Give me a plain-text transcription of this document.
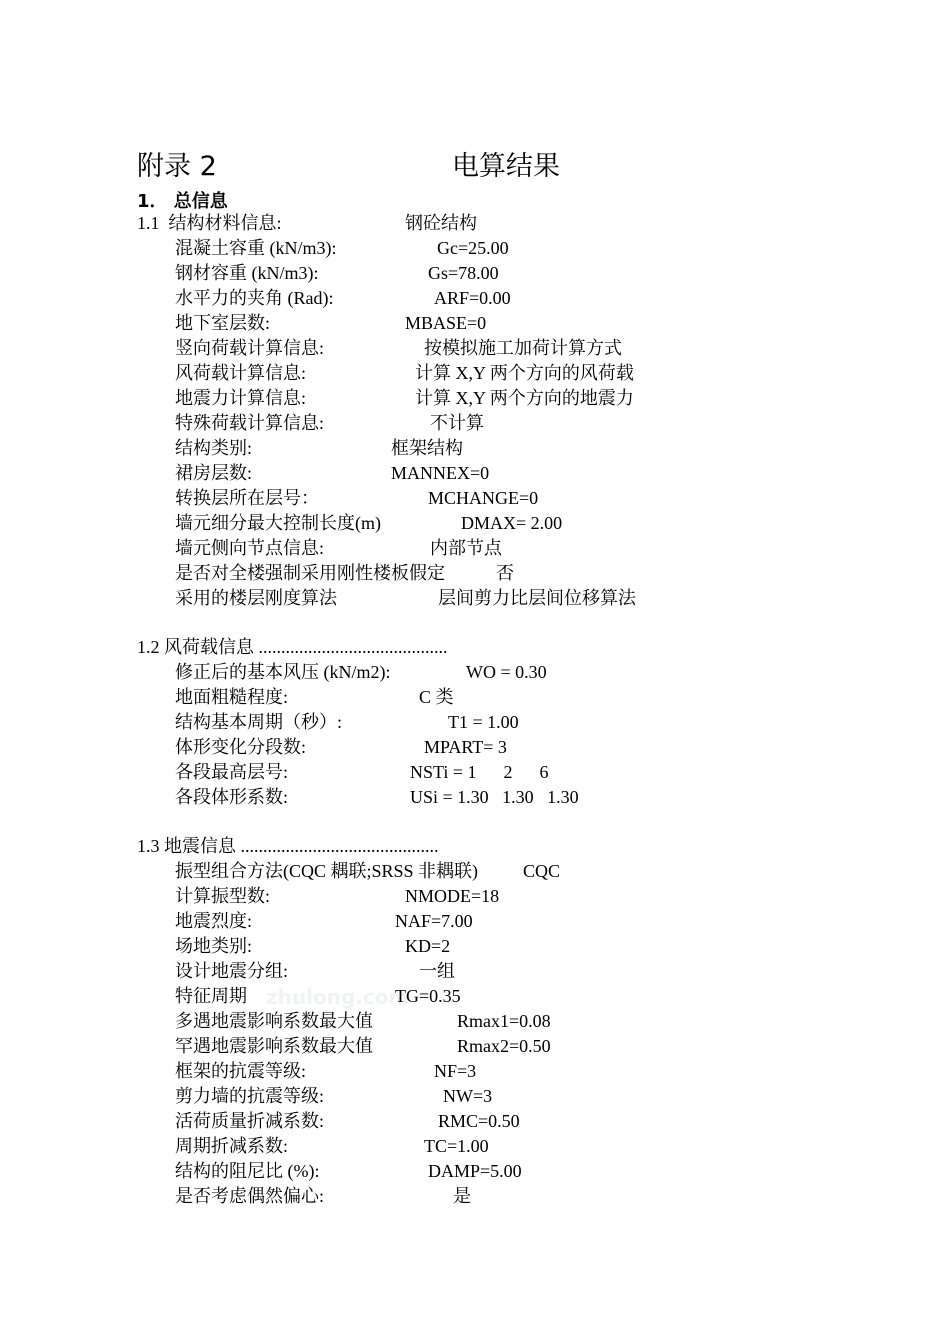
zhulong.com
附录 2	电算结果
1． 总信息
1.1  结构材料信息:	钢砼结构
混凝土容重 (kN/m3):	Gc=25.00
钢材容重 (kN/m3):	Gs=78.00
水平力的夹角 (Rad):	ARF=0.00
地下室层数:	MBASE=0
竖向荷载计算信息:	按模拟施工加荷计算方式
风荷载计算信息:	计算 X,Y 两个方向的风荷载
地震力计算信息:	计算 X,Y 两个方向的地震力
特殊荷载计算信息:	不计算
结构类别:	框架结构
裙房层数:	MANNEX=0
转换层所在层号：	MCHANGE=0
墙元细分最大控制长度(m)	DMAX= 2.00
墙元侧向节点信息:	内部节点
是否对全楼强制采用刚性楼板假定	否
采用的楼层刚度算法	层间剪力比层间位移算法
1.2 风荷载信息 ..........................................
修正后的基本风压 (kN/m2):	WO = 0.30
地面粗糙程度:	C 类
结构基本周期（秒）:	T1 = 1.00
体形变化分段数:	MPART= 3
各段最高层号:	NSTi = 1      2      6
各段体形系数:	USi = 1.30   1.30   1.30
1.3 地震信息 ............................................
振型组合方法(CQC 耦联;SRSS 非耦联) CQC
计算振型数:	NMODE=18
地震烈度:	NAF=7.00
场地类别:	KD=2
设计地震分组:	一组
特征周期	TG=0.35
多遇地震影响系数最大值	Rmax1=0.08
罕遇地震影响系数最大值	Rmax2=0.50
框架的抗震等级:	NF=3
剪力墙的抗震等级:	NW=3
活荷质量折减系数:	RMC=0.50
周期折减系数:	TC=1.00
结构的阻尼比 (%):	DAMP=5.00
是否考虑偶然偏心:	是
